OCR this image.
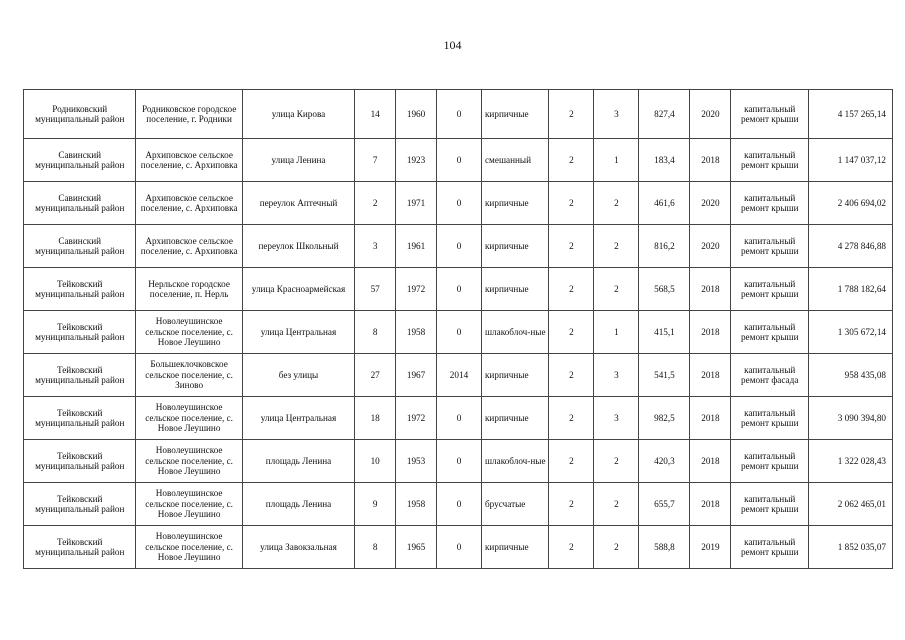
104
Родниковский муниципальный район	Родниковское городское поселение, г. Родники	улица Кирова	14	1960	0	кирпичные	2	3	827,4	2020	капитальный ремонт крыши	4 157 265,14
Савинский муниципальный район	Архиповское сельское поселение, с. Архиповка	улица Ленина	7	1923	0	смешанный	2	1	183,4	2018	капитальный ремонт крыши	1 147 037,12
Савинский муниципальный район	Архиповское сельское поселение, с. Архиповка	переулок Аптечный	2	1971	0	кирпичные	2	2	461,6	2020	капитальный ремонт крыши	2 406 694,02
Савинский муниципальный район	Архиповское сельское поселение, с. Архиповка	переулок Школьный	3	1961	0	кирпичные	2	2	816,2	2020	капитальный ремонт крыши	4 278 846,88
Тейковский муниципальный район	Нерльское городское поселение, п. Нерль	улица Красноармейская	57	1972	0	кирпичные	2	2	568,5	2018	капитальный ремонт крыши	1 788 182,64
Тейковский муниципальный район	Новолеушинское сельское поселение, с. Новое Леушино	улица Центральная	8	1958	0	шлакоблоч-ные	2	1	415,1	2018	капитальный ремонт крыши	1 305 672,14
Тейковский муниципальный район	Большеклочковское сельское поселение, с. Зиново	без улицы	27	1967	2014	кирпичные	2	3	541,5	2018	капитальный ремонт фасада	958 435,08
Тейковский муниципальный район	Новолеушинское сельское поселение, с. Новое Леушино	улица Центральная	18	1972	0	кирпичные	2	3	982,5	2018	капитальный ремонт крыши	3 090 394,80
Тейковский муниципальный район	Новолеушинское сельское поселение, с. Новое Леушино	площадь Ленина	10	1953	0	шлакоблоч-ные	2	2	420,3	2018	капитальный ремонт крыши	1 322 028,43
Тейковский муниципальный район	Новолеушинское сельское поселение, с. Новое Леушино	площадь Ленина	9	1958	0	брусчатые	2	2	655,7	2018	капитальный ремонт крыши	2 062 465,01
Тейковский муниципальный район	Новолеушинское сельское поселение, с. Новое Леушино	улица Завокзальная	8	1965	0	кирпичные	2	2	588,8	2019	капитальный ремонт крыши	1 852 035,07
